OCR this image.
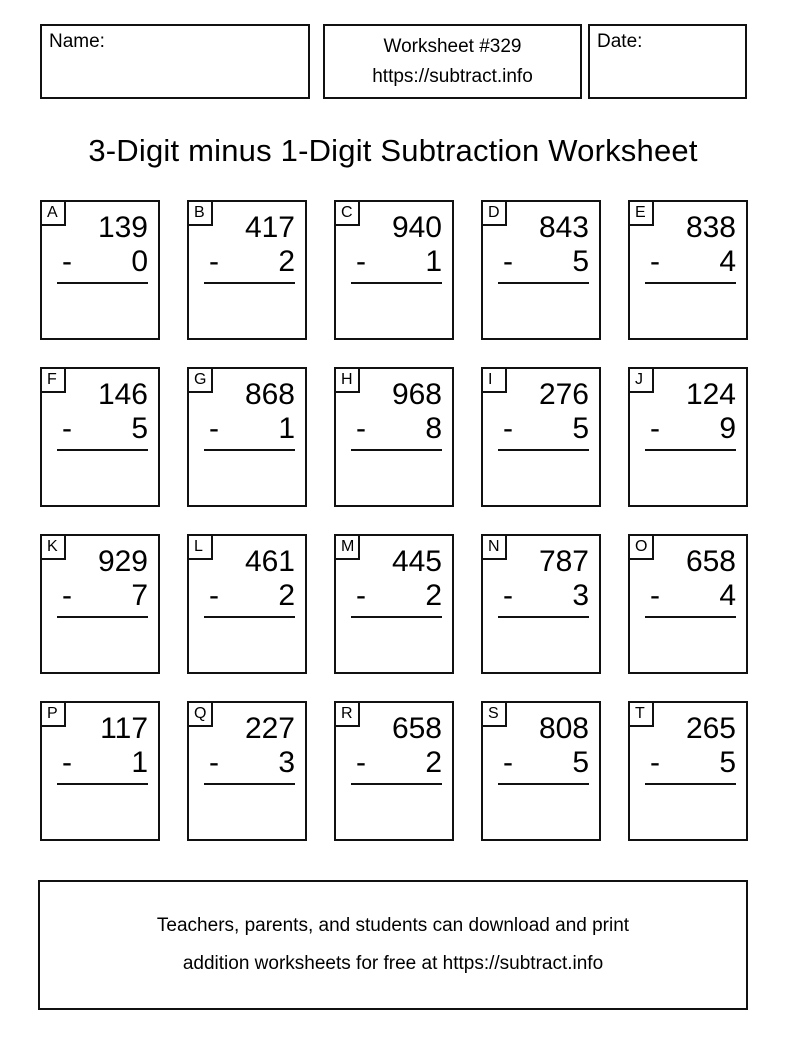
Name:	Worksheet #329
https://subtract.info
Date:
3-Digit minus 1-Digit Subtraction Worksheet
A	139
- 0
B	417
- 2
C	940
- 1
D	843
- 5
E	838
- 4
F	146
- 5
G	868
- 1
H	968
- 8
I	276
- 5
J	124
- 9
K	929
- 7
L	461
- 2
M	445
- 2
N	787
- 3
O	658
- 4
P	117
- 1
Q	227
- 3
R	658
- 2
S	808
- 5
T	265
- 5
Teachers, parents, and students can download and print
addition worksheets for free at https://subtract.info
